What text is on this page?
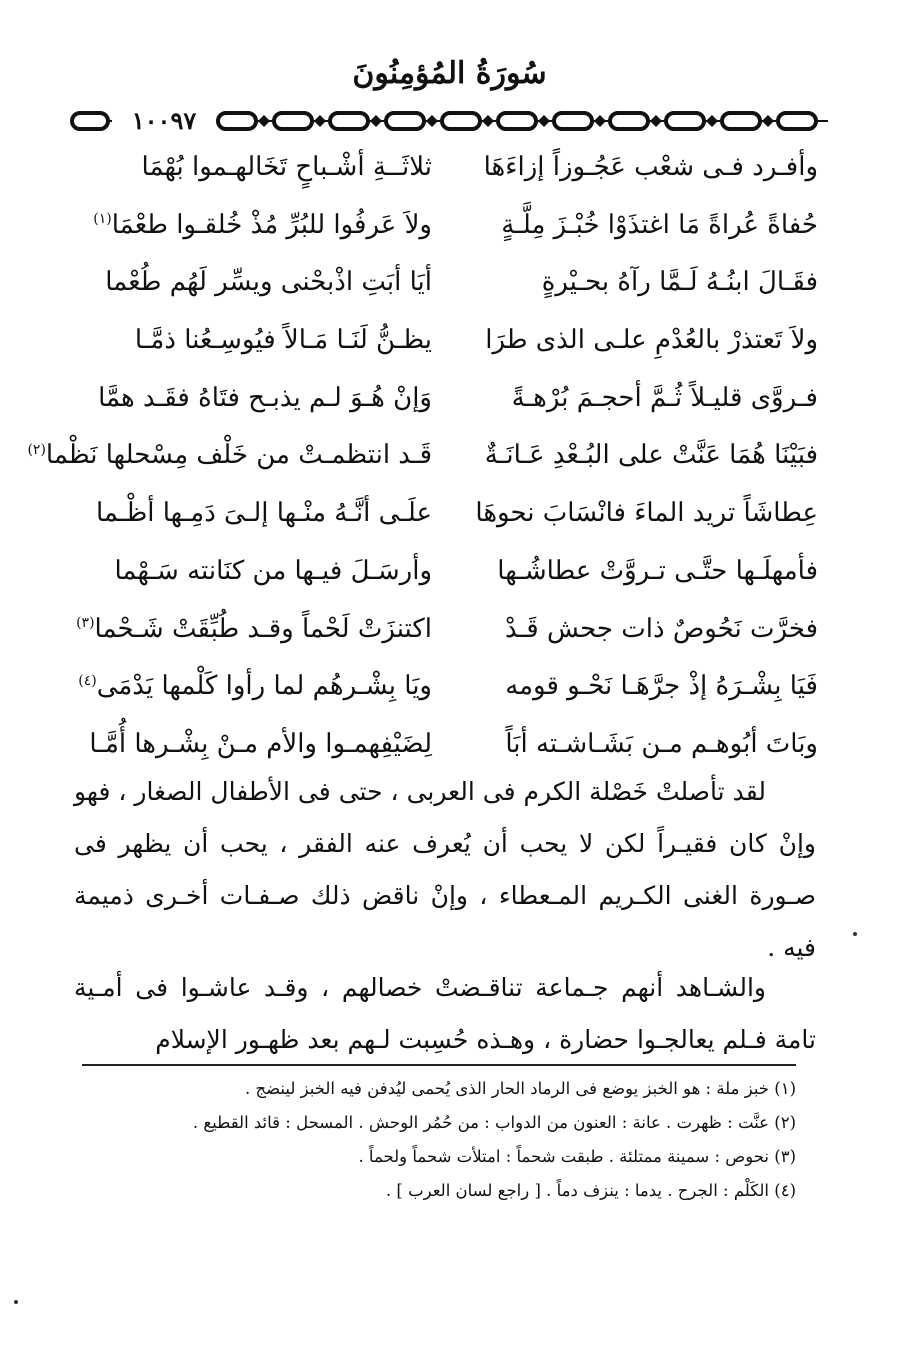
سُورَةُ المُؤمِنُونَ
١٠٠٩٧
وأفـرد فـى شعْب عَجُـوزاً إزاءَهَا
ثلاثَــةِ أشْـباحٍ تَخَالهـموا بُهْمَا
حُفاةً عُراةً مَا اغتذَوْا خُبْـزَ مِلَّـةٍ
ولاَ عَرفُوا للبُرِّ مُذْ خُلقـوا طعْمَا$^{(١)}$
فقَـالَ ابنُـهُ لَـمَّا رآهُ بحـيْرةٍ
أيَا أبَتِ اذْبحْنى ويسِّر لَهُم طُعْما
ولاَ تَعتذرْ بالعُدْمِ علـى الذى طرَا
يظـنُّ لَنَـا مَـالاً فيُوسِـعُنا ذمَّـا
فـروَّى قليـلاً ثُـمَّ أحجـمَ بُرْهـةً
وَإنْ هُـوَ لـم يذبـح فتَاهُ فقَـد همَّا
فبَيْنَا هُمَا عَنَّتْ على البُـعْدِ عَـانَـةٌ
قَـد انتظمـتْ من خَلْف مِسْحلها نَظْما$^{(٢)}$
عِطاشَاً تريد الماءَ فانْسَابَ نحوهَا
علَـى أنَّـهُ منْـها إلـىَ دَمِـها أظْـما
فأمهلَـها حتَّـى تـروَّتْ عطاشُـها
وأرسَـلَ فيـها من كنَانته سَـهْما
فخرَّت نَحُوصٌ ذات جحش قَـدْ
اكتنزَتْ لَحْماً وقـد طُبِّقَتْ شَـحْما$^{(٣)}$
فَيَا بِشْـرَهُ إذْ جرَّهَـا نَحْـو قومه
ويَا بِشْـرهُم لما رأوا كَلْمها يَدْمَى$^{(٤)}$
وبَاتَ أبُوهـم مـن بَشَـاشـته أبَاً
لِضَيْفِهمـوا والأم مـنْ بِشْـرها أُمَّـا

لقد تأصلتْ خَصْلة الكرم فى العربى ، حتى فى الأطفال الصغار ، فهو وإنْ كان فقيـراً لكن لا يحب أن يُعرف عنه الفقر ، يحب أن يظهر فى صـورة الغنى الكـريم المـعطاء ، وإنْ ناقض ذلك صـفـات أخـرى ذميمة فيه .

والشـاهد أنهم جـماعة تناقـضتْ خصالهم ، وقـد عاشـوا فى أمـية تامة فـلم يعالجـوا حضارة ، وهـذه حُسِبت لـهم بعد ظهـور الإسلام

(١) خبز ملة : هو الخبز يوضع فى الرماد الحار الذى يُحمى ليُدفن فيه الخبز لينضج .
(٢) عنَّت : ظهرت . عانة : العنون من الدواب : من حُمُر الوحش . المسحل : قائد القطيع .
(٣) نحوص : سمينة ممتلئة . طبقت شحماً : امتلأت شحماً ولحماً .
(٤) الكَلْم : الجرح . يدما : ينزف دماً . [ راجع لسان العرب ] .
